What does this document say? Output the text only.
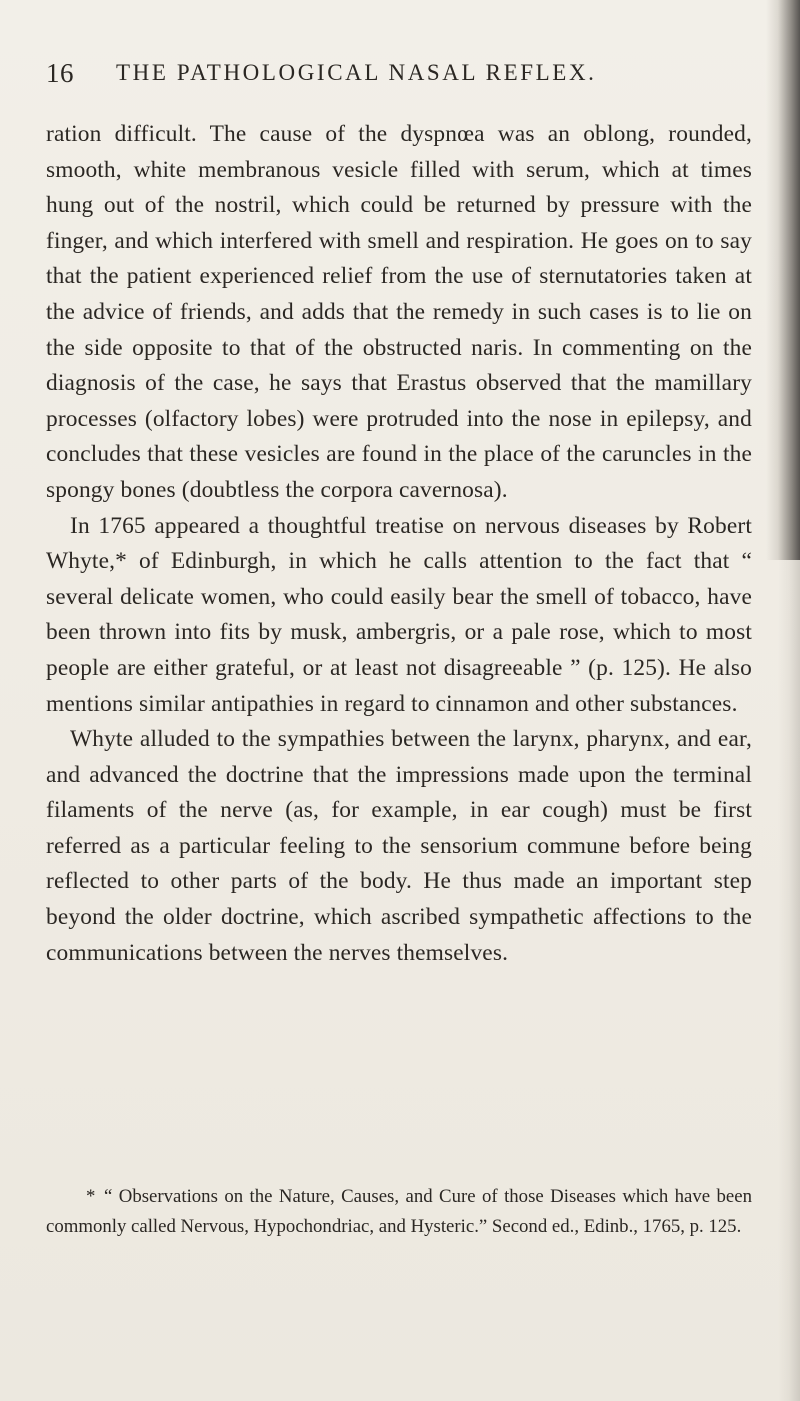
16 THE PATHOLOGICAL NASAL REFLEX.

ration difficult. The cause of the dyspnœa was an oblong, rounded, smooth, white membranous vesicle filled with serum, which at times hung out of the nostril, which could be returned by pressure with the finger, and which interfered with smell and respiration. He goes on to say that the patient experienced relief from the use of sternutatories taken at the advice of friends, and adds that the remedy in such cases is to lie on the side opposite to that of the obstructed naris. In commenting on the diagnosis of the case, he says that Erastus observed that the mamillary processes (olfactory lobes) were protruded into the nose in epilepsy, and concludes that these vesicles are found in the place of the caruncles in the spongy bones (doubtless the corpora cavernosa).

In 1765 appeared a thoughtful treatise on nervous diseases by Robert Whyte,* of Edinburgh, in which he calls attention to the fact that “ several delicate women, who could easily bear the smell of tobacco, have been thrown into fits by musk, ambergris, or a pale rose, which to most people are either grateful, or at least not disagreeable ” (p. 125). He also mentions similar antipathies in regard to cinnamon and other substances.

Whyte alluded to the sympathies between the larynx, pharynx, and ear, and advanced the doctrine that the impressions made upon the terminal filaments of the nerve (as, for example, in ear cough) must be first referred as a particular feeling to the sensorium commune before being reflected to other parts of the body. He thus made an important step beyond the older doctrine, which ascribed sympathetic affections to the communications between the nerves themselves.

* “ Observations on the Nature, Causes, and Cure of those Diseases which have been commonly called Nervous, Hypochondriac, and Hysteric.” Second ed., Edinb., 1765, p. 125.
